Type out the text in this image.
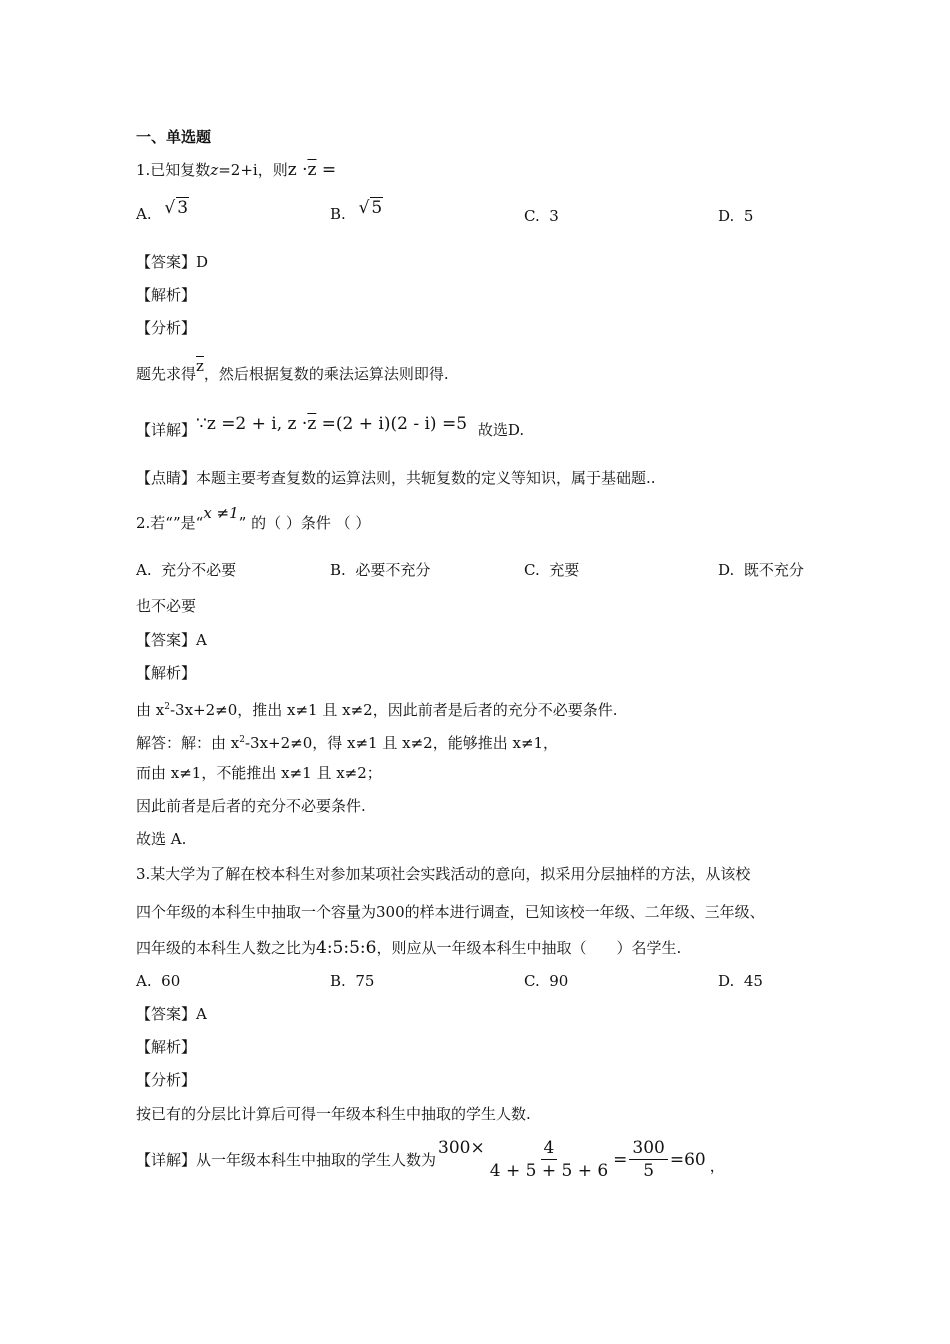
一、单选题
1.已知复数z=2+i，则$z \cdot\overline{z}$ =
A. √ 3	B. √ 5	C. 3	D. 5
【答案】D
【解析】
【分析】
题先求得$\overline{z}$，然后根据复数的乘法运算法则即得.
【详解】∵z =2 + i, $z \cdot\overline{z} =(2 + i)(2 - i) =5$ 故选D.
【点睛】本题主要考查复数的运算法则，共轭复数的定义等知识，属于基础题..
2.若“”是“x ≠1” 的（ ）条件 （ ）
A. 充分不必要	B. 必要不充分	C. 充要	D. 既不充分
也不必要
【答案】A
【解析】
由 $x^2-3x+2\ne 0$，推出 x≠1 且 x≠2，因此前者是后者的充分不必要条件.
解答：解：由 $x^2-3x+2\ne 0$，得 x≠1 且 x≠2，能够推出 x≠1，
而由 x≠1，不能推出 x≠1 且 x≠2；
因此前者是后者的充分不必要条件.
故选 A.
3.某大学为了解在校本科生对参加某项社会实践活动的意向，拟采用分层抽样的方法，从该校
四个年级的本科生中抽取一个容量为300的样本进行调查，已知该校一年级、二年级、三年级、
四年级的本科生人数之比为4:5:5:6，则应从一年级本科生中抽取（　　）名学生.
A. 60	B. 75	C. 90	D. 45
【答案】A
【解析】
【分析】
按已有的分层比计算后可得一年级本科生中抽取的学生人数.
【详解】 从一年级本科生中抽取的学生人数为
$300\times \frac{4}{4 + 5 + 5 + 6} = \frac{300}{5} =60$ ，
